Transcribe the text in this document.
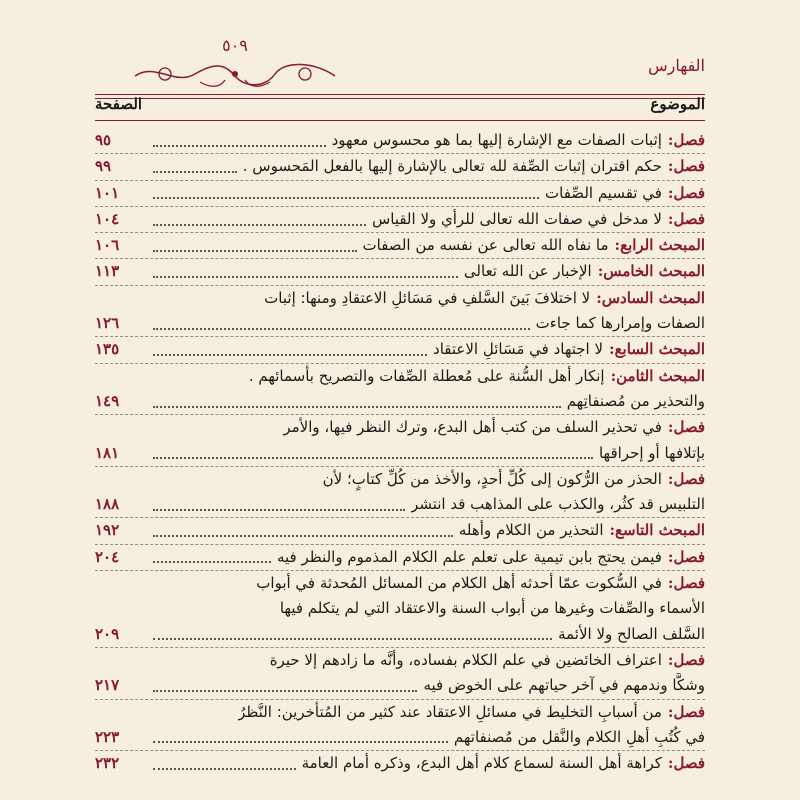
الفهارس
٥٠٩
الموضوع
الصفحة
فصل:
إثبات الصفات مع الإشارة إليها بما هو محسوس معهود
٩٥
فصل:
حكم اقتران إثبات الصِّفة لله تعالى بالإشارة إليها بالفعل المَحسوس .
٩٩
فصل:
في تقسيم الصِّفات
١٠١
فصل:
لا مدخل في صفات الله تعالى للرأي ولا القياس
١٠٤
المبحث الرابع:
ما نفاه الله تعالى عن نفسه من الصفات
١٠٦
المبحث الخامس:
الإخبار عن الله تعالى
١١٣
المبحث السادس:
لا اختلافَ بَينَ السَّلفِ في مَسَائلِ الاعتقادِ ومنها: إثبات
الصفات وإمرارها كما جاءت
١٢٦
المبحث السابع:
لا اجتهاد في مَسَائلِ الاعتقاد
١٣٥
المبحث الثامن:
إنكار أهل السُّنة على مُعطلة الصِّفات والتصريح بأسمائهم .
والتحذير من مُصنفاتِهم
١٤٩
فصل:
في تحذير السلف من كتب أهل البدع، وترك النظر فيها، والأمر
بإتلافها أو إحراقها
١٨١
فصل:
الحذر من الرُّكون إلى كُلِّ أحدٍ، والأخذ من كُلِّ كتابٍ؛ لأن
التلبيس قد كثُر، والكذب على المذاهب قد انتشر
١٨٨
المبحث التاسع:
التحذير من الكلام وأهله
١٩٢
فصل:
فيمن يحتج بابن تيمية على تعلم علم الكلام المذموم والنظر فيه
٢٠٤
فصل:
في السُّكوت عمّا أحدثه أهل الكلام من المسائل المُحدثة في أبواب
الأسماء والصِّفات وغيرها من أبواب السنة والاعتقاد التي لم يتكلم فيها
السَّلف الصالح ولا الأئمة
٢٠٩
فصل:
اعتراف الخائضين في علم الكلام بفساده، وأنَّه ما زادهم إلا حيرة
وشكًّا وندمهم في آخر حياتهم على الخوض فيه
٢١٧
فصل:
من أسبابِ التخليط في مسائلِ الاعتقاد عند كثير من المُتأخرين: النَّظرُ
في كُتُبِ أهلِ الكلام والنَّقل من مُصنفاتهم
٢٢٣
فصل:
كراهة أهل السنة لسماع كلام أهل البدع، وذكره أمام العامة
٢٣٢
